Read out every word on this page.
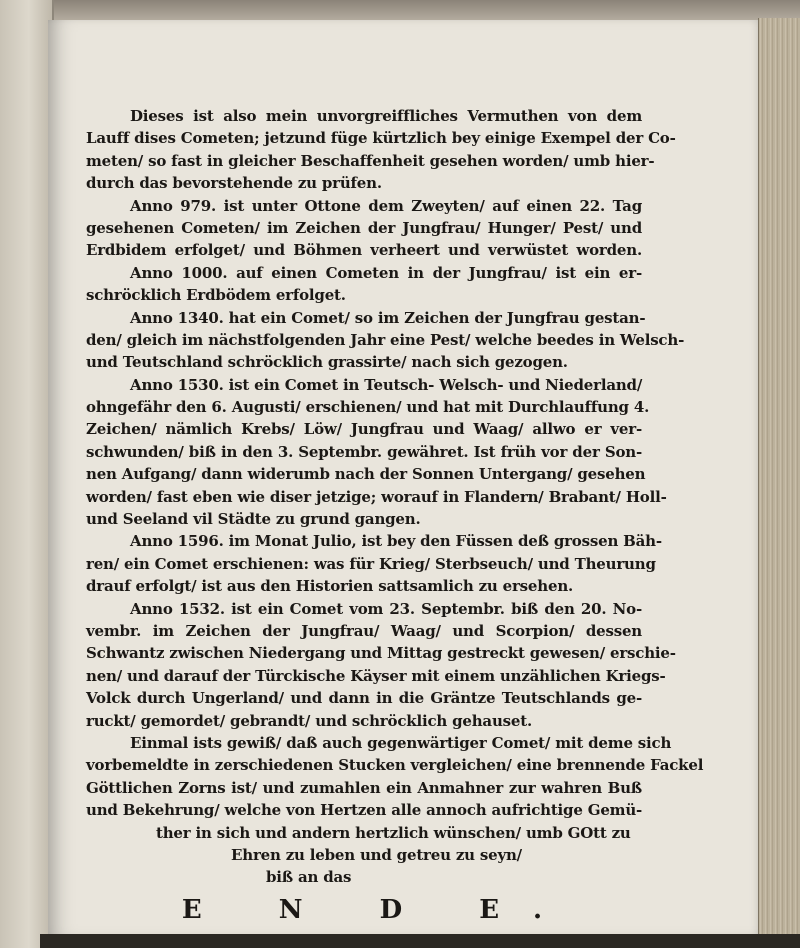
Dieses ist also mein unvorgreiffliches Vermuthen von dem
Lauff dises Cometen; jetzund füge kürtzlich bey einige Exempel der Co-
meten/ so fast in gleicher Beschaffenheit gesehen worden/ umb hier-
durch das bevorstehende zu prüfen.
Anno 979. ist unter Ottone dem Zweyten/ auf einen 22. Tag
gesehenen Cometen/ im Zeichen der Jungfrau/ Hunger/ Pest/ und
Erdbidem erfolget/ und Böhmen verheert und verwüstet worden.
Anno 1000. auf einen Cometen in der Jungfrau/ ist ein er-
schröcklich Erdbödem erfolget.
Anno 1340. hat ein Comet/ so im Zeichen der Jungfrau gestan-
den/ gleich im nächstfolgenden Jahr eine Pest/ welche beedes in Welsch-
und Teutschland schröcklich grassirte/ nach sich gezogen.
Anno 1530. ist ein Comet in Teutsch- Welsch- und Niederland/
ohngefähr den 6. Augusti/ erschienen/ und hat mit Durchlauffung 4.
Zeichen/ nämlich Krebs/ Löw/ Jungfrau und Waag/ allwo er ver-
schwunden/ biß in den 3. Septembr. gewähret. Ist früh vor der Son-
nen Aufgang/ dann widerumb nach der Sonnen Untergang/ gesehen
worden/ fast eben wie diser jetzige; worauf in Flandern/ Brabant/ Holl-
und Seeland vil Städte zu grund gangen.
Anno 1596. im Monat Julio, ist bey den Füssen deß grossen Bäh-
ren/ ein Comet erschienen: was für Krieg/ Sterbseuch/ und Theurung
drauf erfolgt/ ist aus den Historien sattsamlich zu ersehen.
Anno 1532. ist ein Comet vom 23. Septembr. biß den 20. No-
vembr. im Zeichen der Jungfrau/ Waag/ und Scorpion/ dessen
Schwantz zwischen Niedergang und Mittag gestreckt gewesen/ erschie-
nen/ und darauf der Türckische Käyser mit einem unzählichen Kriegs-
Volck durch Ungerland/ und dann in die Gräntze Teutschlands ge-
ruckt/ gemordet/ gebrandt/ und schröcklich gehauset.
Einmal ists gewiß/ daß auch gegenwärtiger Comet/ mit deme sich
vorbemeldte in zerschiedenen Stucken vergleichen/ eine brennende Fackel
Göttlichen Zorns ist/ und zumahlen ein Anmahner zur wahren Buß
und Bekehrung/ welche von Hertzen alle annoch aufrichtige Gemü-
ther in sich und andern hertzlich wünschen/ umb GOtt zu
Ehren zu leben und getreu zu seyn/
biß an das
E N D E.
